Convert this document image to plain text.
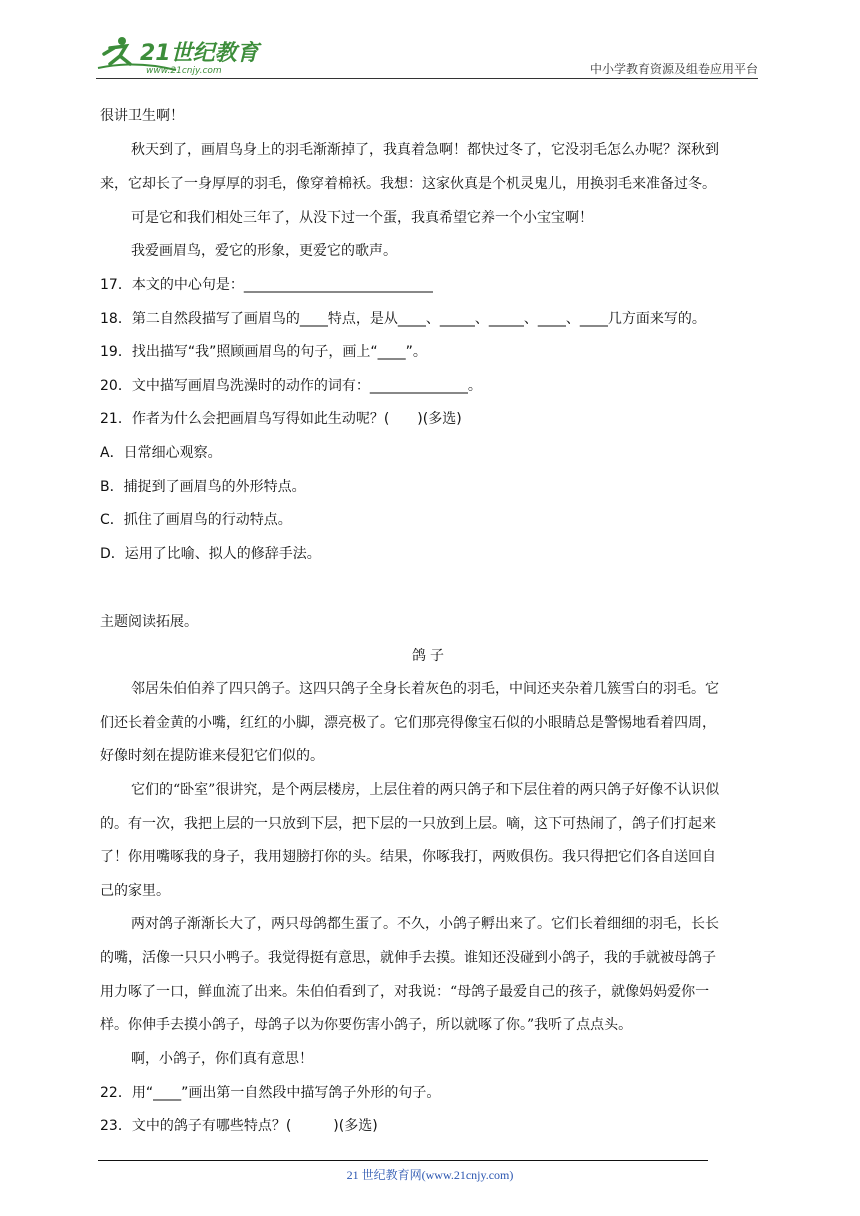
21世纪教育
www.21cnjy.com	中小学教育资源及组卷应用平台
很讲卫生啊！
秋天到了，画眉鸟身上的羽毛渐渐掉了，我真着急啊！都快过冬了，它没羽毛怎么办呢？深秋到
来，它却长了一身厚厚的羽毛，像穿着棉袄。我想：这家伙真是个机灵鬼儿，用换羽毛来准备过冬。
可是它和我们相处三年了，从没下过一个蛋，我真希望它养一个小宝宝啊！
我爱画眉鸟，爱它的形象，更爱它的歌声。
17．本文的中心句是：___________________________
18．第二自然段描写了画眉鸟的____特点，是从____、_____、_____、____、____几方面来写的。
19．找出描写“我”照顾画眉鸟的句子，画上“____”。
20．文中描写画眉鸟洗澡时的动作的词有：______________。
21．作者为什么会把画眉鸟写得如此生动呢？(　　)(多选)
A．日常细心观察。
B．捕捉到了画眉鸟的外形特点。
C．抓住了画眉鸟的行动特点。
D．运用了比喻、拟人的修辞手法。
主题阅读拓展。
鸽子
邻居朱伯伯养了四只鸽子。这四只鸽子全身长着灰色的羽毛，中间还夹杂着几簇雪白的羽毛。它
们还长着金黄的小嘴，红红的小脚，漂亮极了。它们那亮得像宝石似的小眼睛总是警惕地看着四周，
好像时刻在提防谁来侵犯它们似的。
它们的“卧室”很讲究，是个两层楼房，上层住着的两只鸽子和下层住着的两只鸽子好像不认识似
的。有一次，我把上层的一只放到下层，把下层的一只放到上层。嘀，这下可热闹了，鸽子们打起来
了！你用嘴啄我的身子，我用翅膀打你的头。结果，你啄我打，两败俱伤。我只得把它们各自送回自
己的家里。
两对鸽子渐渐长大了，两只母鸽都生蛋了。不久，小鸽子孵出来了。它们长着细细的羽毛，长长
的嘴，活像一只只小鸭子。我觉得挺有意思，就伸手去摸。谁知还没碰到小鸽子，我的手就被母鸽子
用力啄了一口，鲜血流了出来。朱伯伯看到了，对我说：“母鸽子最爱自己的孩子，就像妈妈爱你一
样。你伸手去摸小鸽子，母鸽子以为你要伤害小鸽子，所以就啄了你。”我听了点点头。
啊，小鸽子，你们真有意思！
22．用“____”画出第一自然段中描写鸽子外形的句子。
23．文中的鸽子有哪些特点？(　　　)(多选)
21 世纪教育网(www.21cnjy.com)
